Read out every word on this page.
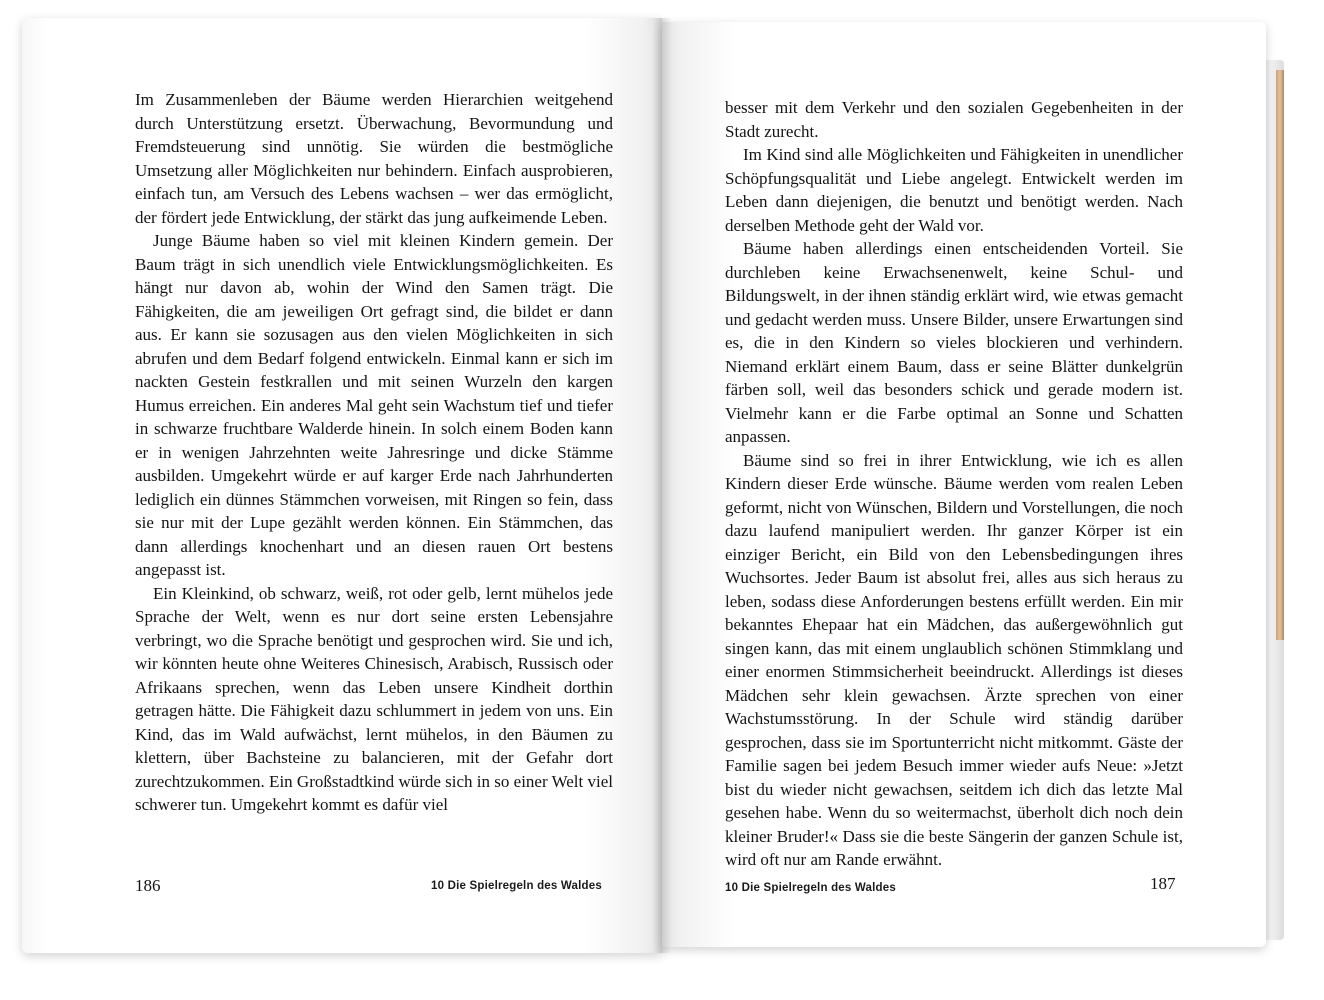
Im Zusammenleben der Bäume werden Hierarchien weitgehend durch Unterstützung ersetzt. Überwachung, Bevormundung und Fremdsteuerung sind unnötig. Sie würden die bestmögliche Umsetzung aller Möglichkeiten nur behindern. Einfach ausprobieren, einfach tun, am Versuch des Lebens wachsen – wer das ermöglicht, der fördert jede Entwicklung, der stärkt das jung aufkeimende Leben.

Junge Bäume haben so viel mit kleinen Kindern gemein. Der Baum trägt in sich unendlich viele Entwicklungsmöglichkeiten. Es hängt nur davon ab, wohin der Wind den Samen trägt. Die Fähigkeiten, die am jeweiligen Ort gefragt sind, die bildet er dann aus. Er kann sie sozusagen aus den vielen Möglichkeiten in sich abrufen und dem Bedarf folgend entwickeln. Einmal kann er sich im nackten Gestein festkrallen und mit seinen Wurzeln den kargen Humus erreichen. Ein anderes Mal geht sein Wachstum tief und tiefer in schwarze fruchtbare Walderde hinein. In solch einem Boden kann er in wenigen Jahrzehnten weite Jahresringe und dicke Stämme ausbilden. Umgekehrt würde er auf karger Erde nach Jahrhunderten lediglich ein dünnes Stämmchen vorweisen, mit Ringen so fein, dass sie nur mit der Lupe gezählt werden können. Ein Stämmchen, das dann allerdings knochenhart und an diesen rauen Ort bestens angepasst ist.

Ein Kleinkind, ob schwarz, weiß, rot oder gelb, lernt mühelos jede Sprache der Welt, wenn es nur dort seine ersten Lebensjahre verbringt, wo die Sprache benötigt und gesprochen wird. Sie und ich, wir könnten heute ohne Weiteres Chinesisch, Arabisch, Russisch oder Afrikaans sprechen, wenn das Leben unsere Kindheit dorthin getragen hätte. Die Fähigkeit dazu schlummert in jedem von uns. Ein Kind, das im Wald aufwächst, lernt mühelos, in den Bäumen zu klettern, über Bachsteine zu balancieren, mit der Gefahr dort zurechtzukommen. Ein Großstadtkind würde sich in so einer Welt viel schwerer tun. Umgekehrt kommt es dafür viel

186	10 Die Spielregeln des Waldes

besser mit dem Verkehr und den sozialen Gegebenheiten in der Stadt zurecht.

Im Kind sind alle Möglichkeiten und Fähigkeiten in unendlicher Schöpfungsqualität und Liebe angelegt. Entwickelt werden im Leben dann diejenigen, die benutzt und benötigt werden. Nach derselben Methode geht der Wald vor.

Bäume haben allerdings einen entscheidenden Vorteil. Sie durchleben keine Erwachsenenwelt, keine Schul- und Bildungswelt, in der ihnen ständig erklärt wird, wie etwas gemacht und gedacht werden muss. Unsere Bilder, unsere Erwartungen sind es, die in den Kindern so vieles blockieren und verhindern. Niemand erklärt einem Baum, dass er seine Blätter dunkelgrün färben soll, weil das besonders schick und gerade modern ist. Vielmehr kann er die Farbe optimal an Sonne und Schatten anpassen.

Bäume sind so frei in ihrer Entwicklung, wie ich es allen Kindern dieser Erde wünsche. Bäume werden vom realen Leben geformt, nicht von Wünschen, Bildern und Vorstellungen, die noch dazu laufend manipuliert werden. Ihr ganzer Körper ist ein einziger Bericht, ein Bild von den Lebensbedingungen ihres Wuchsortes. Jeder Baum ist absolut frei, alles aus sich heraus zu leben, sodass diese Anforderungen bestens erfüllt werden. Ein mir bekanntes Ehepaar hat ein Mädchen, das außergewöhnlich gut singen kann, das mit einem unglaublich schönen Stimmklang und einer enormen Stimmsicherheit beeindruckt. Allerdings ist dieses Mädchen sehr klein gewachsen. Ärzte sprechen von einer Wachstumsstörung. In der Schule wird ständig darüber gesprochen, dass sie im Sportunterricht nicht mitkommt. Gäste der Familie sagen bei jedem Besuch immer wieder aufs Neue: »Jetzt bist du wieder nicht gewachsen, seitdem ich dich das letzte Mal gesehen habe. Wenn du so weitermachst, überholt dich noch dein kleiner Bruder!« Dass sie die beste Sängerin der ganzen Schule ist, wird oft nur am Rande erwähnt.

10 Die Spielregeln des Waldes	187
